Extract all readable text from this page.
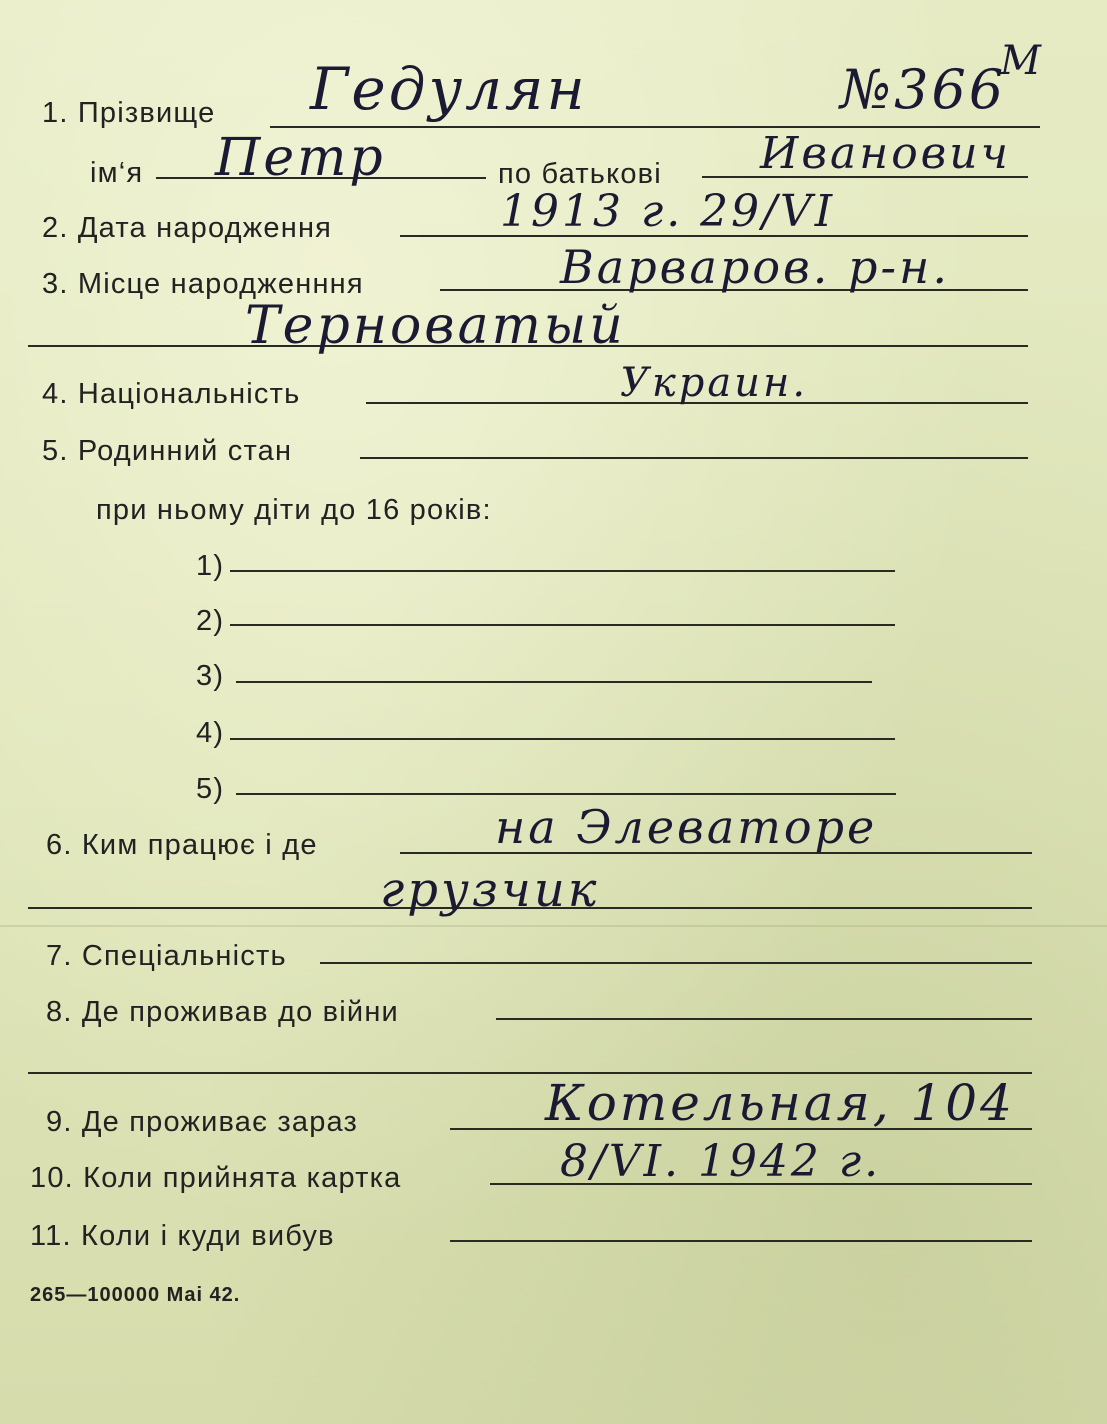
1. Прізвище Гедулян	№366
М
ім‘я Петр	по батькові Иванович
2. Дата народження	1913 г. 29/VI
3. Місце народженння	Варваров. р-н.
Терноватый
4. Національність	Украин.
5. Родинний стан
при ньому діти до 16 років:
1)
2)
3)
4)
5)
6. Ким працює і де	на Элеваторе
грузчик
7. Спеціальність
8. Де проживав до війни
9. Де проживає зараз	Котельная, 104
10. Коли прийнята картка	8/VI. 1942 г.
11. Коли і куди вибув
265—100000 Mai 42.
